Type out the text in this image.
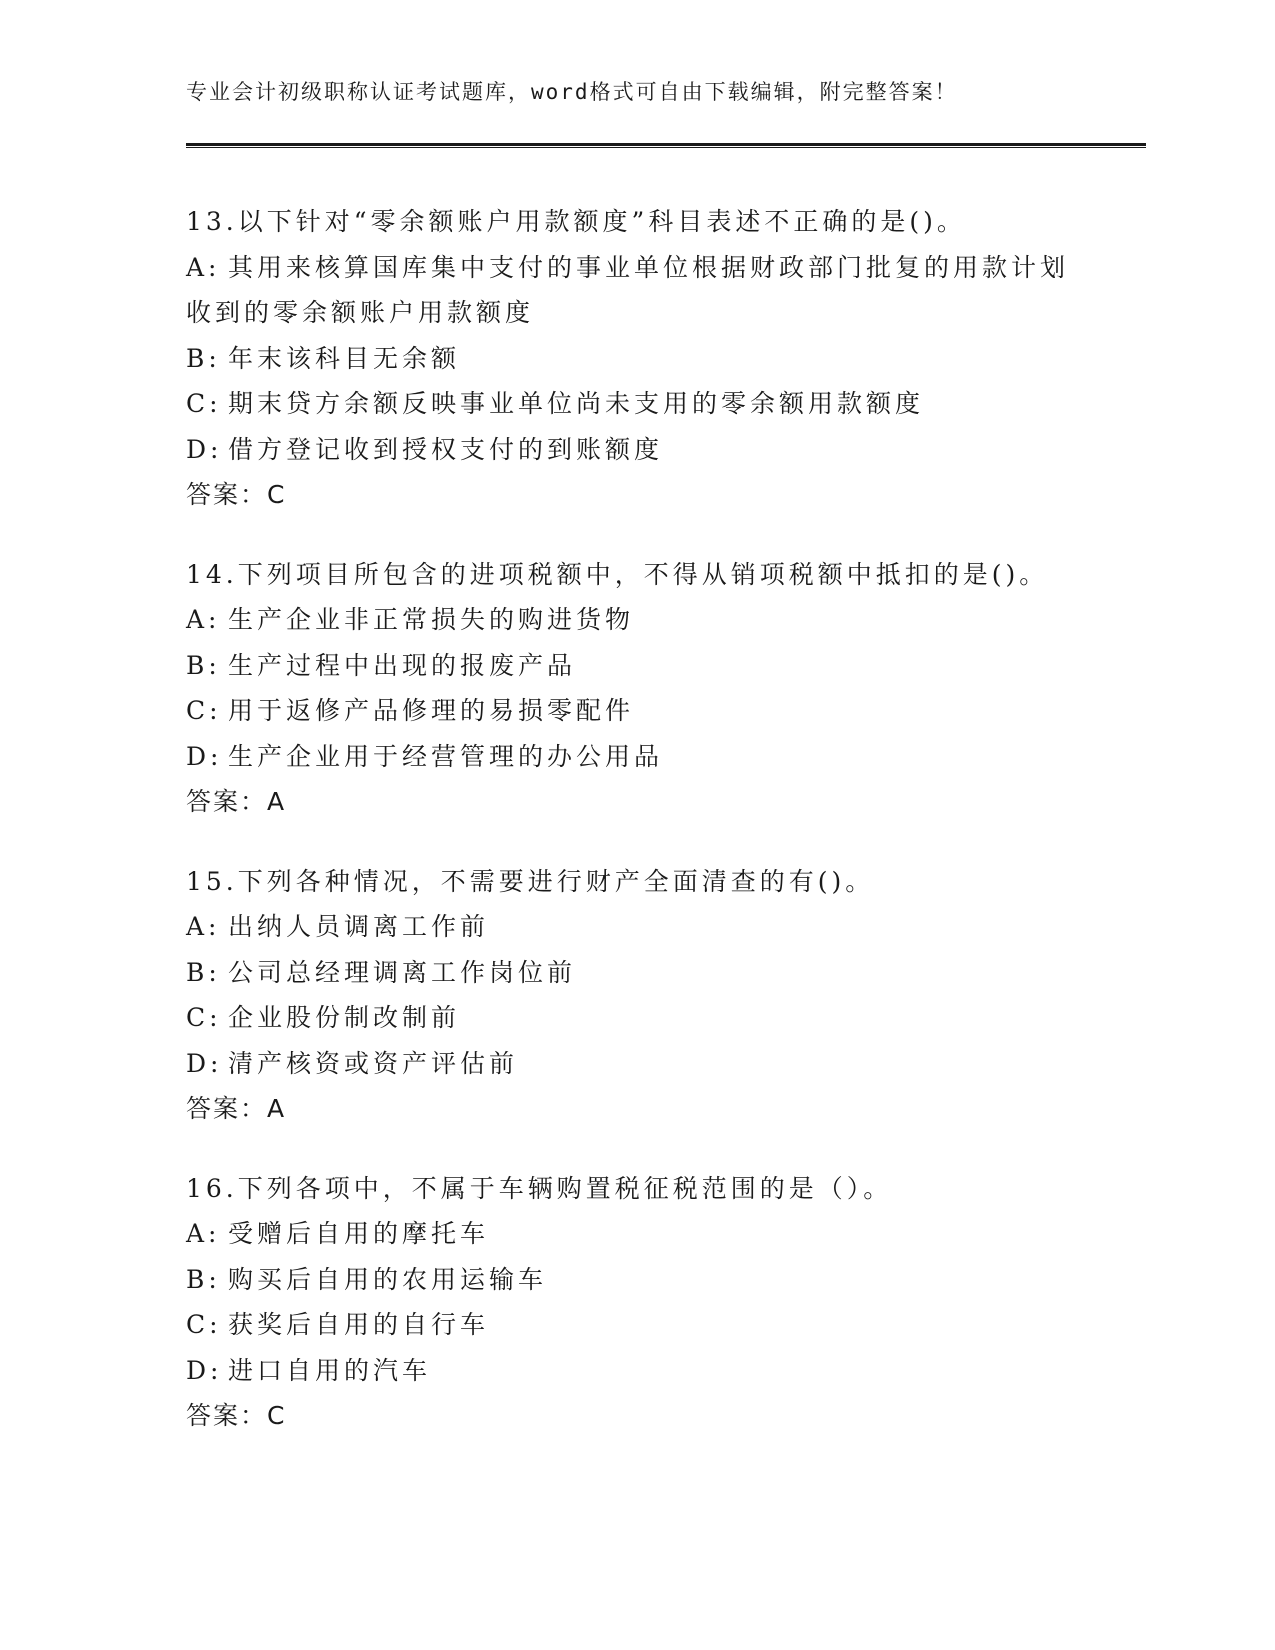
专业会计初级职称认证考试题库，word格式可自由下载编辑，附完整答案！
13.以下针对“零余额账户用款额度”科目表述不正确的是()。
A: 其用来核算国库集中支付的事业单位根据财政部门批复的用款计划收到的零余额账户用款额度
B: 年末该科目无余额
C: 期末贷方余额反映事业单位尚未支用的零余额用款额度
D: 借方登记收到授权支付的到账额度
答案：C
14.下列项目所包含的进项税额中，不得从销项税额中抵扣的是()。
A: 生产企业非正常损失的购进货物
B: 生产过程中出现的报废产品
C: 用于返修产品修理的易损零配件
D: 生产企业用于经营管理的办公用品
答案：A
15.下列各种情况，不需要进行财产全面清查的有()。
A: 出纳人员调离工作前
B: 公司总经理调离工作岗位前
C: 企业股份制改制前
D: 清产核资或资产评估前
答案：A
16.下列各项中，不属于车辆购置税征税范围的是（）。
A: 受赠后自用的摩托车
B: 购买后自用的农用运输车
C: 获奖后自用的自行车
D: 进口自用的汽车
答案：C
